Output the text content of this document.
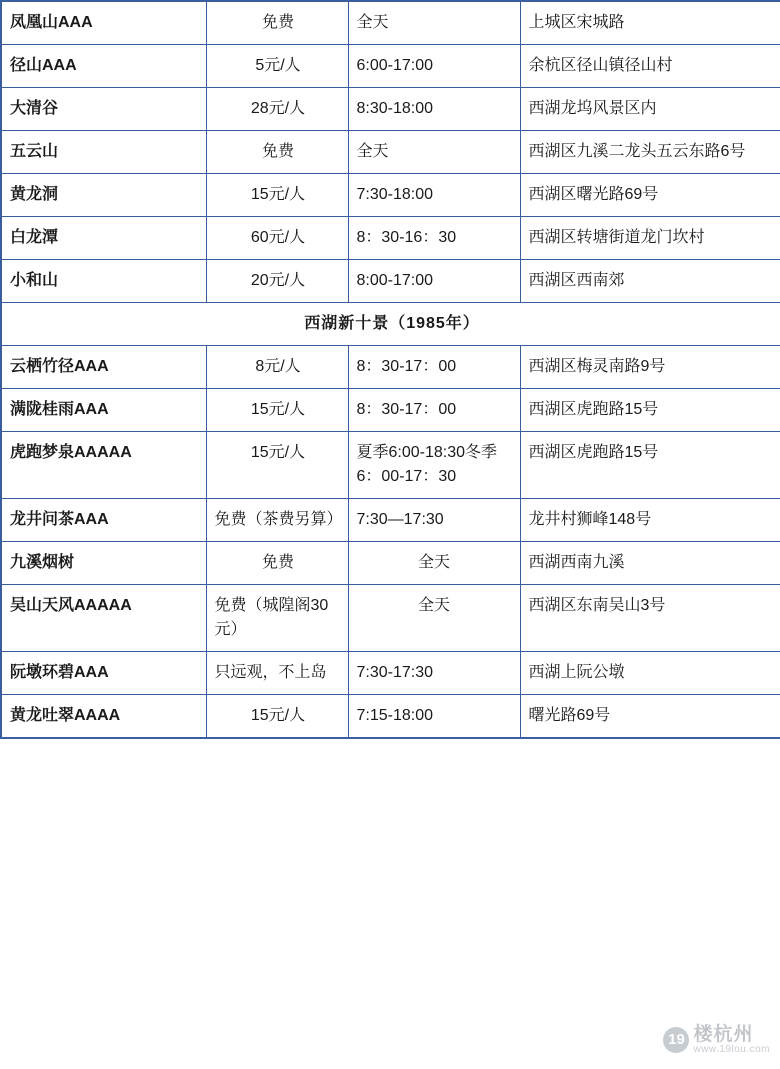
凤凰山AAA	免费	全天	上城区宋城路
径山AAA	5元/人	6:00-17:00	余杭区径山镇径山村
大清谷	28元/人	8:30-18:00	西湖龙坞风景区内
五云山	免费	全天	西湖区九溪二龙头五云东路6号
黄龙洞	15元/人	7:30-18:00	西湖区曙光路69号
白龙潭	60元/人	8：30-16：30	西湖区转塘街道龙门坎村
小和山	20元/人	8:00-17:00	西湖区西南郊
西湖新十景（1985年）			
云栖竹径AAA	8元/人	8：30-17：00	西湖区梅灵南路9号
满陇桂雨AAA	15元/人	8：30-17：00	西湖区虎跑路15号
虎跑梦泉AAAAA	15元/人	夏季6:00-18:30冬季6：00-17：30	西湖区虎跑路15号
龙井问茶AAA	免费（茶费另算）	7:30—17:30	龙井村狮峰148号
九溪烟树	免费	全天	西湖西南九溪
吴山天风AAAAA	免费（城隍阁30元）	全天	西湖区东南吴山3号
阮墩环碧AAA	只远观，不上岛	7:30-17:30	西湖上阮公墩
黄龙吐翠AAAA	15元/人	7:15-18:00	曙光路69号
19 楼杭州
www.19lou.com
